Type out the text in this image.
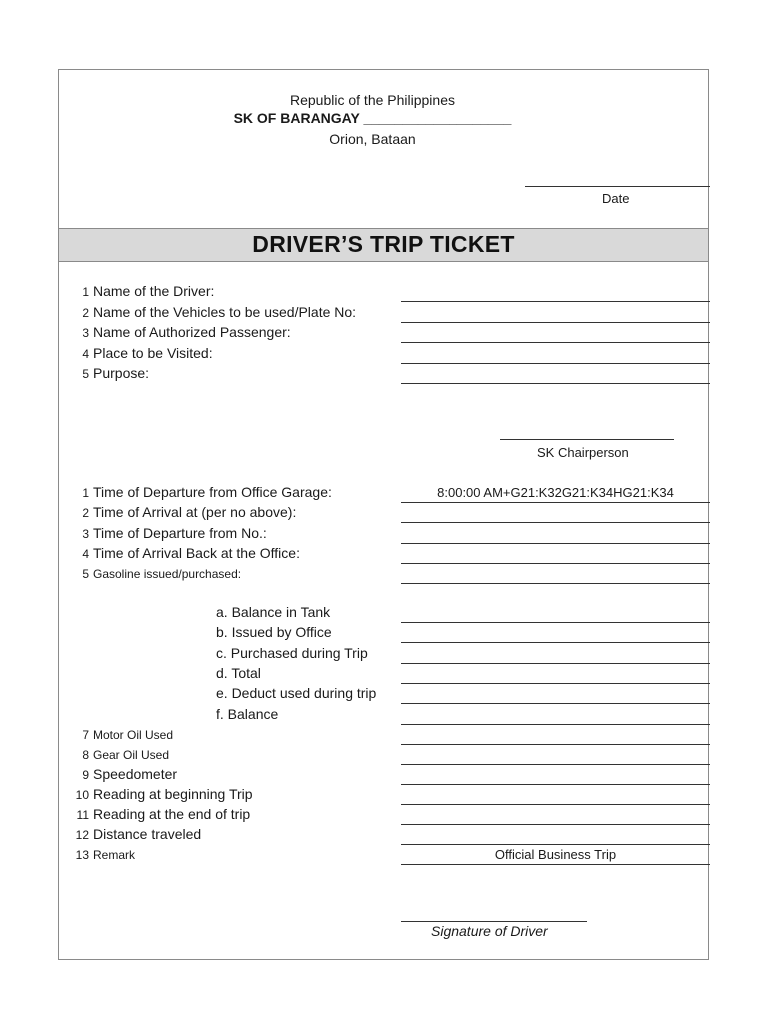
Republic of the Philippines
SK OF BARANGAY ___________________
Orion, Bataan
Date
DRIVER’S TRIP TICKET
1 Name of the Driver:
2 Name of the Vehicles to be used/Plate No:
3 Name of Authorized Passenger:
4 Place to be Visited:
5 Purpose:
SK Chairperson
1 Time of Departure from Office Garage:	8:00:00 AM+G21:K32G21:K34HG21:K34
2 Time of Arrival at (per no above):
3 Time of Departure from No.:
4 Time of Arrival Back at the Office:
5 Gasoline issued/purchased:
a. Balance in Tank
b. Issued by Office
c. Purchased during Trip
d. Total
e. Deduct used during trip
f. Balance
7 Motor Oil Used
8 Gear Oil Used
9 Speedometer
10 Reading at beginning Trip
11 Reading at the end of trip
12 Distance traveled
13 Remark	Official Business Trip
Signature of Driver
